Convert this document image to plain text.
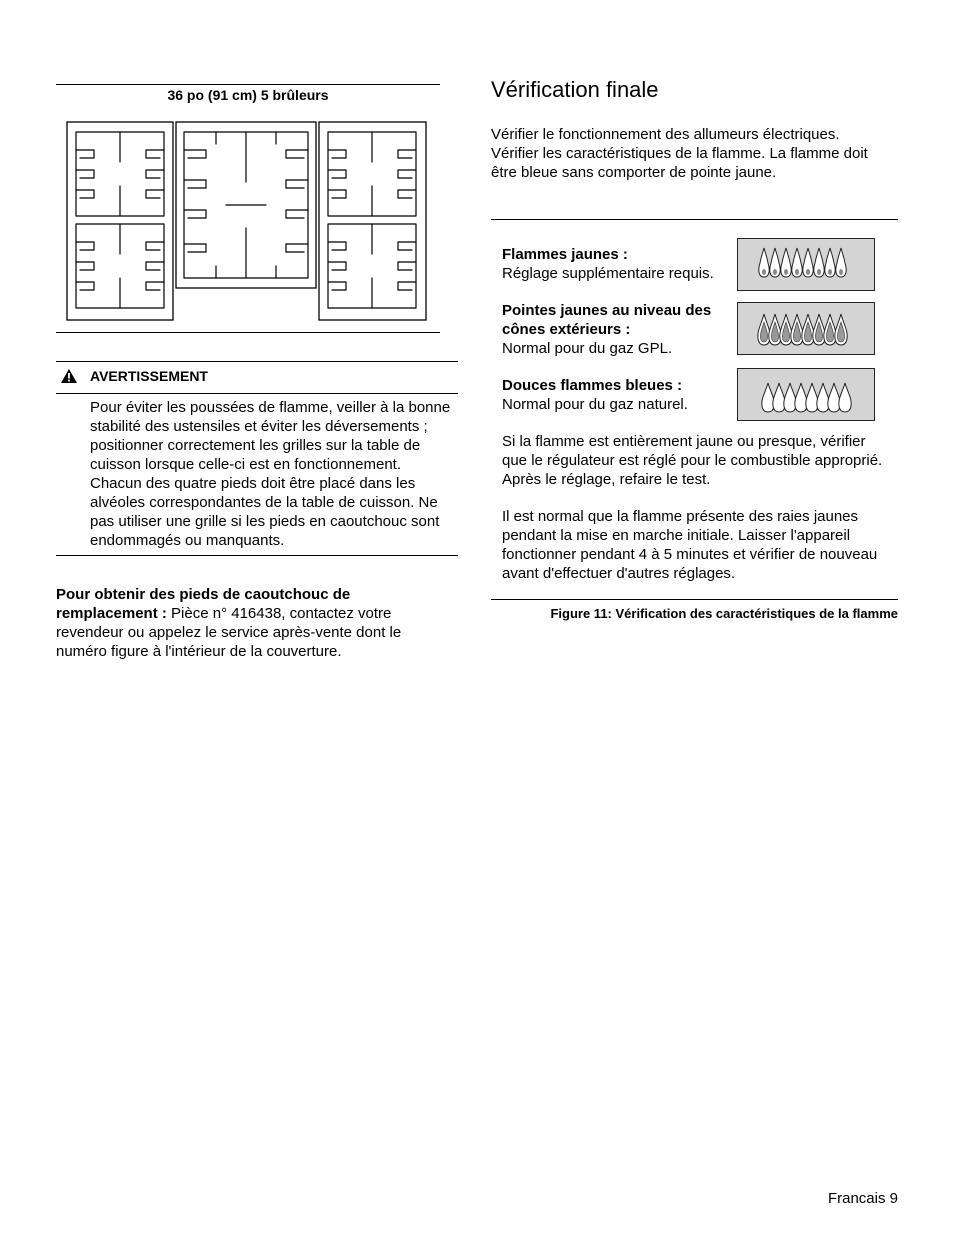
36 po (91 cm) 5 brûleurs
AVERTISSEMENT
Pour éviter les poussées de flamme, veiller à la bonne stabilité des ustensiles et éviter les déversements ; positionner correctement les grilles sur la table de cuisson lorsque celle-ci est en fonctionnement. Chacun des quatre pieds doit être placé dans les alvéoles correspondantes de la table de cuisson. Ne pas utiliser une grille si les pieds en caoutchouc sont endommagés ou manquants.
Pour obtenir des pieds de caoutchouc de remplacement : Pièce n° 416438, contactez votre revendeur ou appelez le service après-vente dont le numéro figure à l'intérieur de la couverture.
Vérification finale
Vérifier le fonctionnement des allumeurs électriques. Vérifier les caractéristiques de la flamme. La flamme doit être bleue sans comporter de pointe jaune.
Flammes jaunes :
Réglage supplémentaire requis.
Pointes jaunes au niveau des cônes extérieurs :
Normal pour du gaz GPL.
Douces flammes bleues :
Normal pour du gaz naturel.
Si la flamme est entièrement jaune ou presque, vérifier que le régulateur est réglé pour le combustible approprié. Après le réglage, refaire le test.
Il est normal que la flamme présente des raies jaunes pendant la mise en marche initiale. Laisser l'appareil fonctionner pendant 4 à 5 minutes et vérifier de nouveau avant d'effectuer d'autres réglages.
Figure 11: Vérification des caractéristiques de la flamme
Francais 9
